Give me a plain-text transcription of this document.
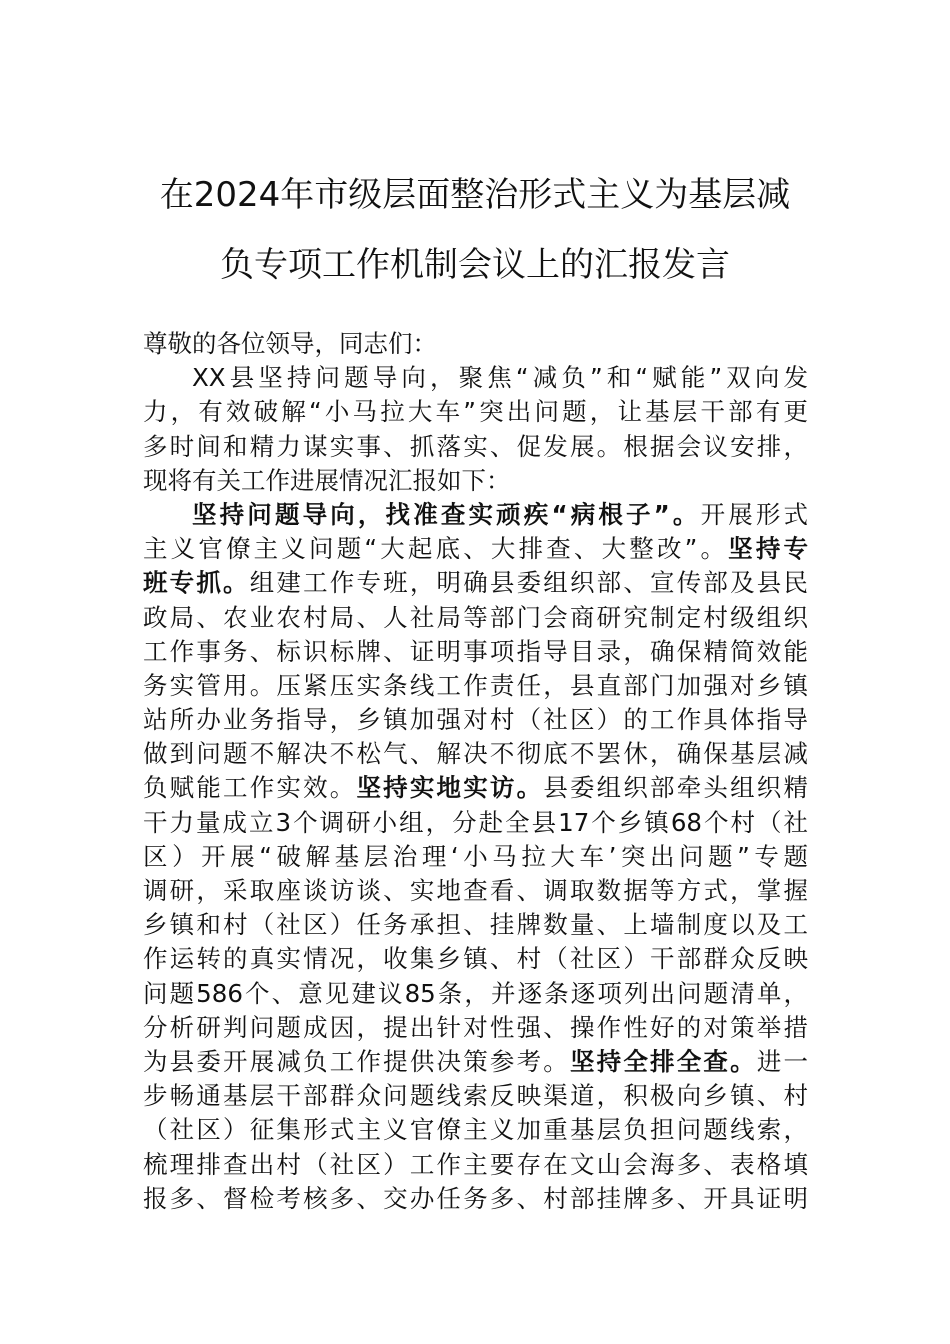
在2024年市级层面整治形式主义为基层减
负专项工作机制会议上的汇报发言
尊敬的各位领导，同志们：
XX县坚持问题导向，聚焦“减负”和“赋能”双向发
力，有效破解“小马拉大车”突出问题，让基层干部有更
多时间和精力谋实事、抓落实、促发展。根据会议安排，
现将有关工作进展情况汇报如下：
坚持问题导向，找准查实顽疾“病根子”。开展形式
主义官僚主义问题“大起底、大排查、大整改”。坚持专
班专抓。组建工作专班，明确县委组织部、宣传部及县民
政局、农业农村局、人社局等部门会商研究制定村级组织
工作事务、标识标牌、证明事项指导目录，确保精简效能
务实管用。压紧压实条线工作责任，县直部门加强对乡镇
站所办业务指导，乡镇加强对村（社区）的工作具体指导
做到问题不解决不松气、解决不彻底不罢休，确保基层减
负赋能工作实效。坚持实地实访。县委组织部牵头组织精
干力量成立3个调研小组，分赴全县17个乡镇68个村（社
区）开展“破解基层治理‘小马拉大车’突出问题”专题
调研，采取座谈访谈、实地查看、调取数据等方式，掌握
乡镇和村（社区）任务承担、挂牌数量、上墙制度以及工
作运转的真实情况，收集乡镇、村（社区）干部群众反映
问题586个、意见建议85条，并逐条逐项列出问题清单，
分析研判问题成因，提出针对性强、操作性好的对策举措
为县委开展减负工作提供决策参考。坚持全排全查。进一
步畅通基层干部群众问题线索反映渠道，积极向乡镇、村
（社区）征集形式主义官僚主义加重基层负担问题线索，
梳理排查出村（社区）工作主要存在文山会海多、表格填
报多、督检考核多、交办任务多、村部挂牌多、开具证明
